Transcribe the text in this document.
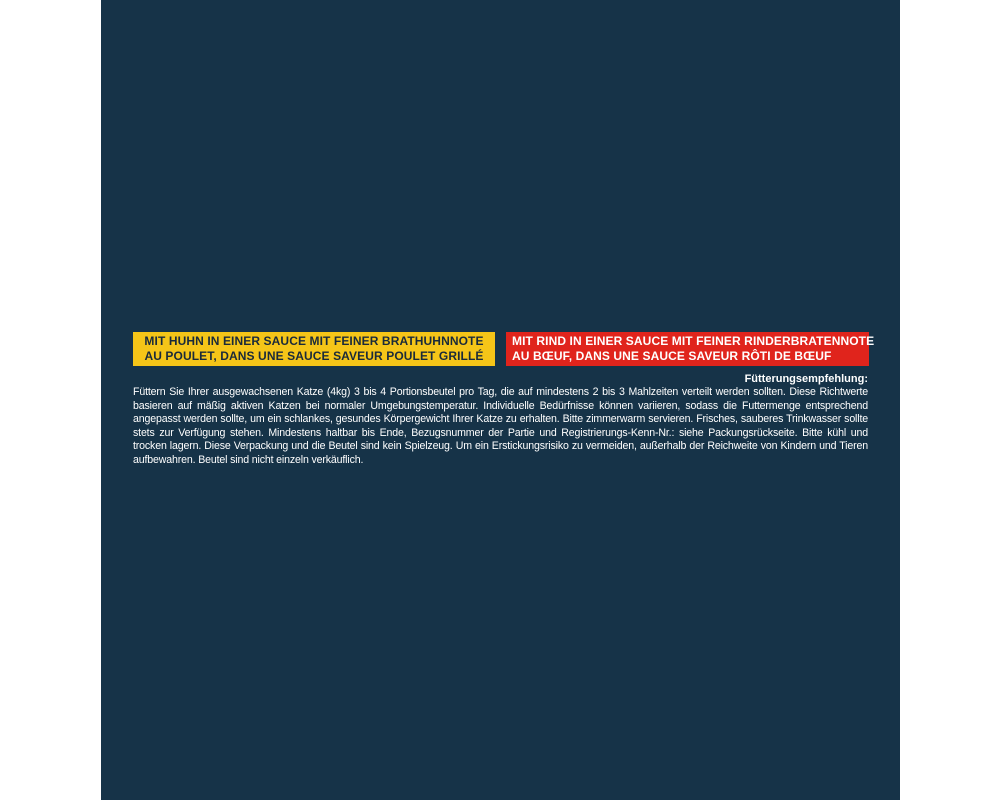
MIT HUHN IN EINER SAUCE MIT FEINER BRATHUHNNOTE
AU POULET, DANS UNE SAUCE SAVEUR POULET GRILLÉ
MIT RIND IN EINER SAUCE MIT FEINER RINDERBRATENNOTE
AU BŒUF, DANS UNE SAUCE SAVEUR RÔTI DE BŒUF
Fütterungsempfehlung:
Füttern Sie Ihrer ausgewachsenen Katze (4kg) 3 bis 4 Portionsbeutel pro Tag, die auf mindestens 2 bis 3 Mahlzeiten verteilt werden sollten. Diese Richtwerte basieren auf mäßig aktiven Katzen bei normaler Umgebungstemperatur. Individuelle Bedürfnisse können variieren, sodass die Futtermenge entsprechend angepasst werden sollte, um ein schlankes, gesundes Körpergewicht Ihrer Katze zu erhalten. Bitte zimmerwarm servieren. Frisches, sauberes Trinkwasser sollte stets zur Verfügung stehen. Mindestens haltbar bis Ende, Bezugsnummer der Partie und Registrierungs-Kenn-Nr.: siehe Packungsrückseite. Bitte kühl und trocken lagern. Diese Verpackung und die Beutel sind kein Spielzeug. Um ein Erstickungsrisiko zu vermeiden, außerhalb der Reichweite von Kindern und Tieren aufbewahren. Beutel sind nicht einzeln verkäuflich.
